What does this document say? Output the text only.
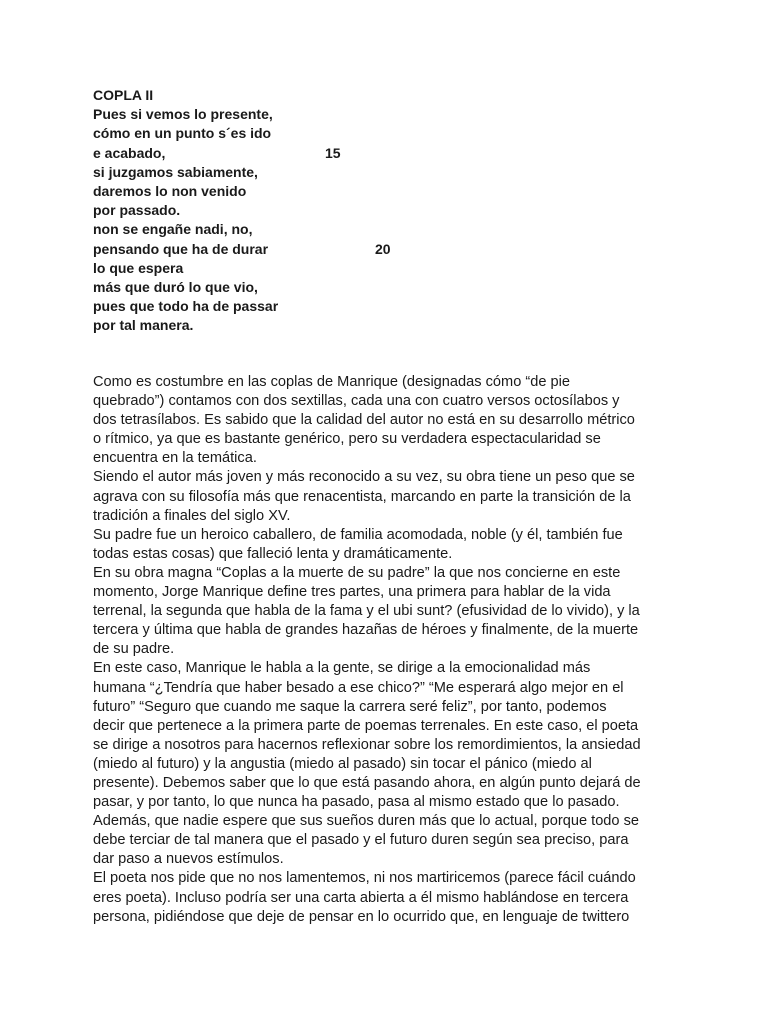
COPLA II
Pues si vemos lo presente,
cómo en un punto s´es ido
e acabado,	15
si juzgamos sabiamente,
daremos lo non venido
por passado.
non se engañe nadi, no,
pensando que ha de durar	20
lo que espera
más que duró lo que vio,
pues que todo ha de passar
por tal manera.
Como es costumbre en las coplas de Manrique (designadas cómo “de pie
quebrado”) contamos con dos sextillas, cada una con cuatro versos octosílabos y
dos tetrasílabos. Es sabido que la calidad del autor no está en su desarrollo métrico
o rítmico, ya que es bastante genérico, pero su verdadera espectacularidad se
encuentra en la temática.
Siendo el autor más joven y más reconocido a su vez, su obra tiene un peso que se
agrava con su filosofía más que renacentista, marcando en parte la transición de la
tradición a finales del siglo XV.
Su padre fue un heroico caballero, de familia acomodada, noble (y él, también fue
todas estas cosas) que falleció lenta y dramáticamente.
En su obra magna “Coplas a la muerte de su padre” la que nos concierne en este
momento, Jorge Manrique define tres partes, una primera para hablar de la vida
terrenal, la segunda que habla de la fama y el ubi sunt? (efusividad de lo vivido), y la
tercera y última que habla de grandes hazañas de héroes y finalmente, de la muerte
de su padre.
En este caso, Manrique le habla a la gente, se dirige a la emocionalidad más
humana “¿Tendría que haber besado a ese chico?” “Me esperará algo mejor en el
futuro” “Seguro que cuando me saque la carrera seré feliz”, por tanto, podemos
decir que pertenece a la primera parte de poemas terrenales. En este caso, el poeta
se dirige a nosotros para hacernos reflexionar sobre los remordimientos, la ansiedad
(miedo al futuro) y la angustia (miedo al pasado) sin tocar el pánico (miedo al
presente). Debemos saber que lo que está pasando ahora, en algún punto dejará de
pasar, y por tanto, lo que nunca ha pasado, pasa al mismo estado que lo pasado.
Además, que nadie espere que sus sueños duren más que lo actual, porque todo se
debe terciar de tal manera que el pasado y el futuro duren según sea preciso, para
dar paso a nuevos estímulos.
El poeta nos pide que no nos lamentemos, ni nos martiricemos (parece fácil cuándo
eres poeta). Incluso podría ser una carta abierta a él mismo hablándose en tercera
persona, pidiéndose que deje de pensar en lo ocurrido que, en lenguaje de twittero
